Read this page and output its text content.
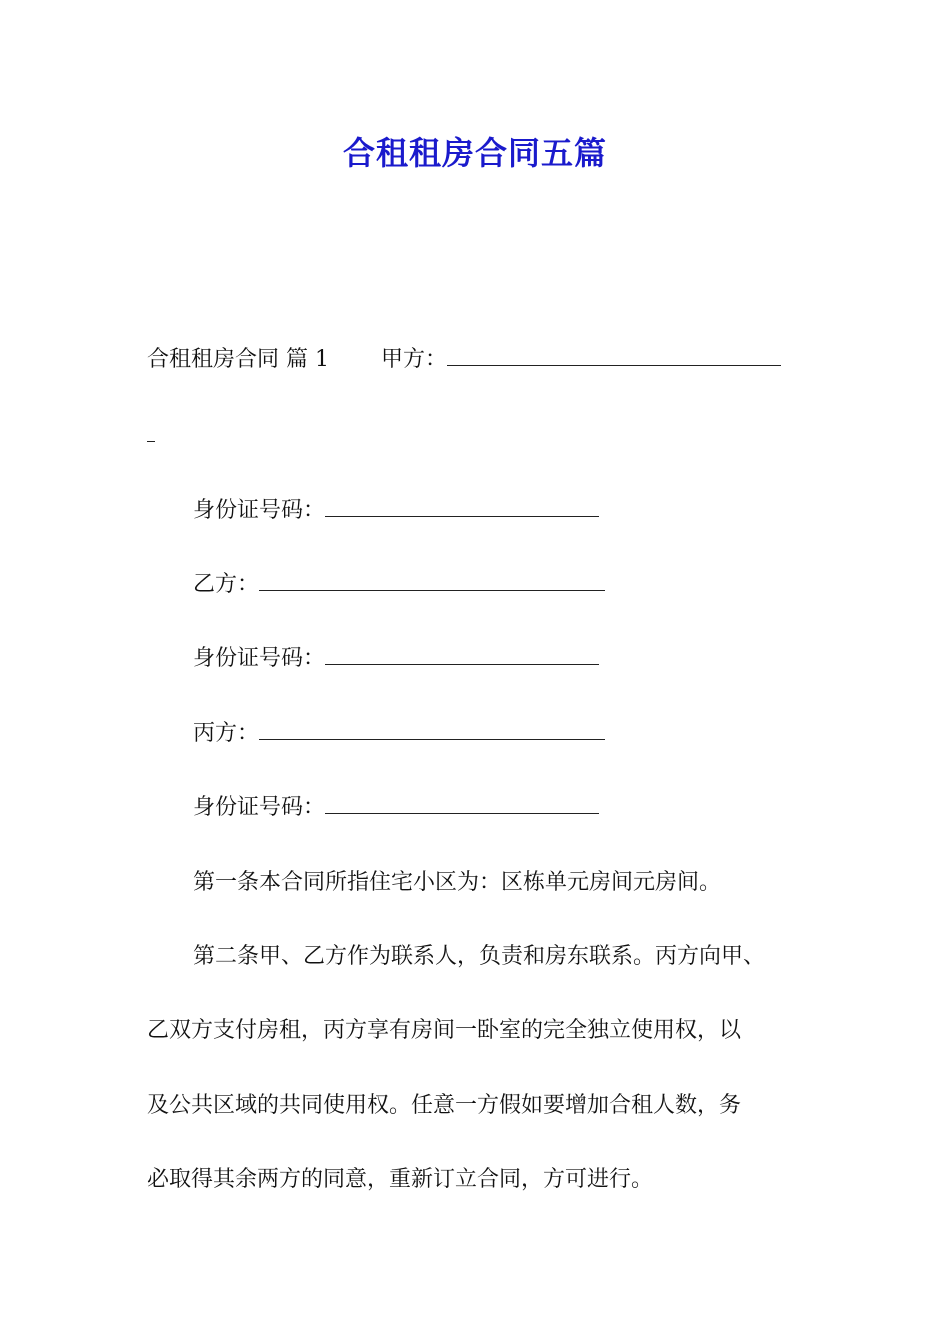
合租租房合同五篇
合租租房合同 篇 1 甲方：
身份证号码：
乙方：
身份证号码：
丙方：
身份证号码：
第一条本合同所指住宅小区为：区栋单元房间元房间。
第二条甲、乙方作为联系人，负责和房东联系。丙方向甲、
乙双方支付房租，丙方享有房间一卧室的完全独立使用权，以
及公共区域的共同使用权。任意一方假如要增加合租人数，务
必取得其余两方的同意，重新订立合同，方可进行。
